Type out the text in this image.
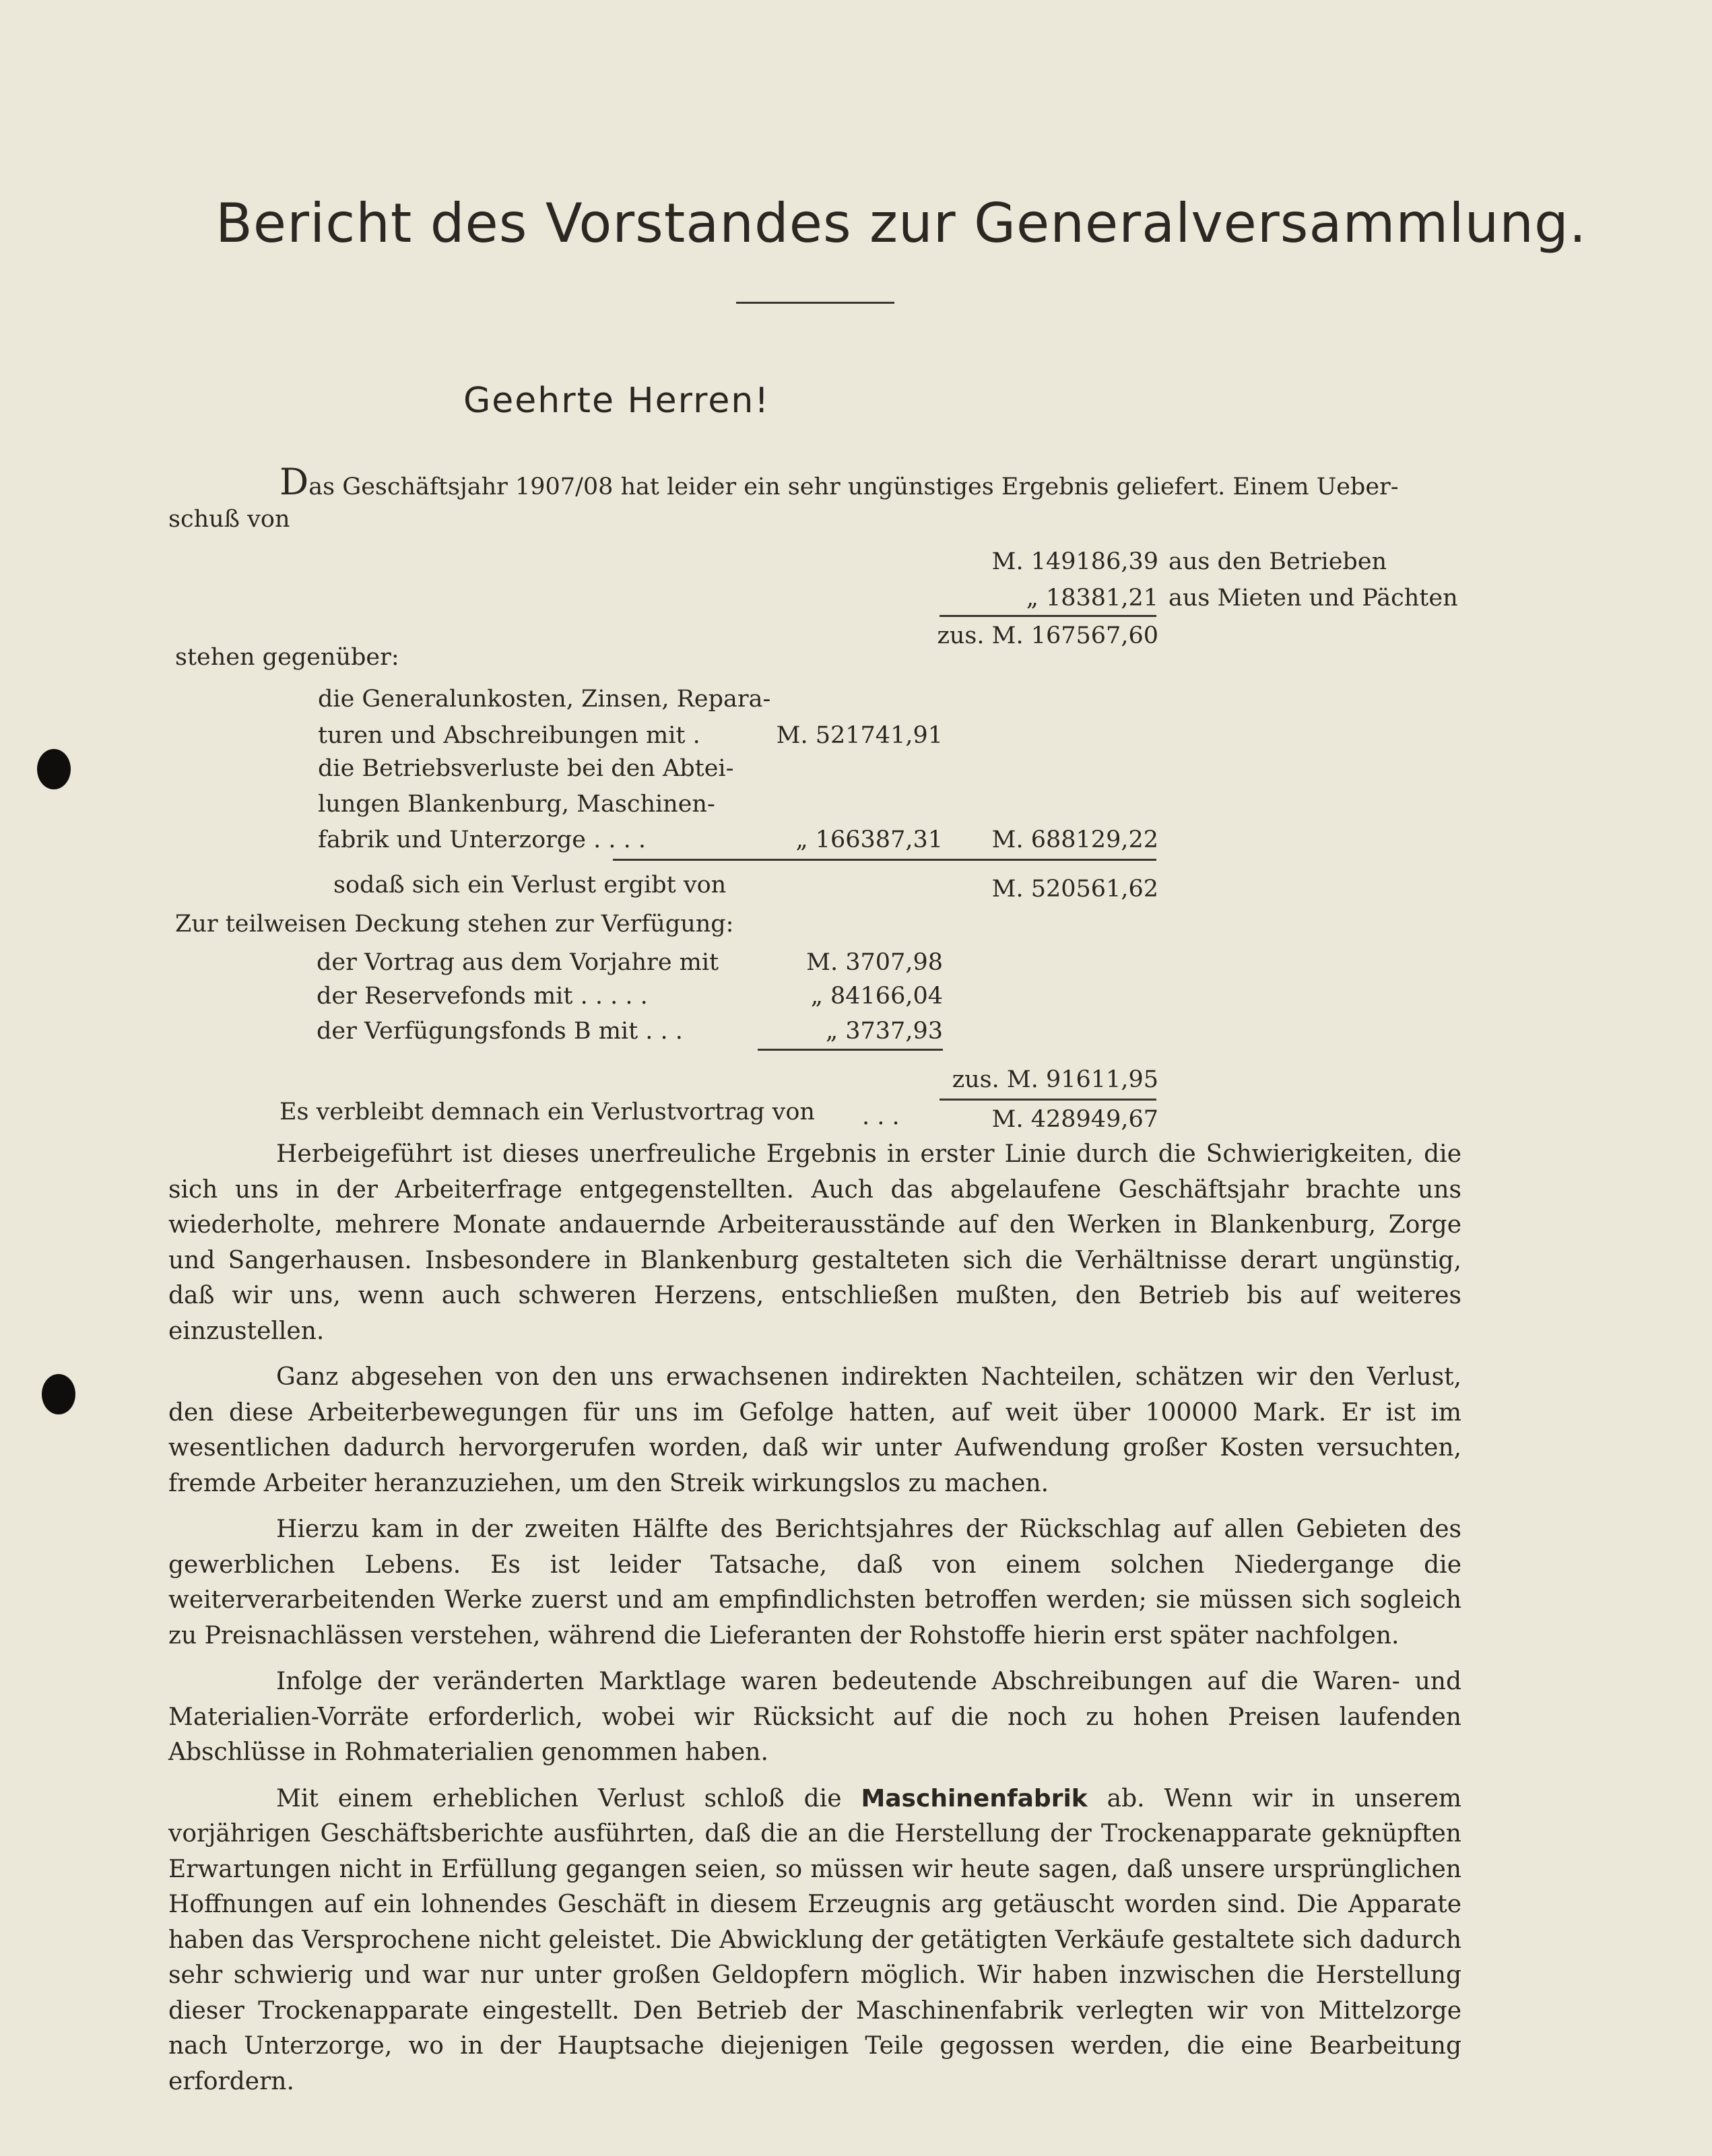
Bericht des Vorstandes zur Generalversammlung.
Geehrte Herren!
Das Geschäftsjahr 1907/08 hat leider ein sehr ungünstiges Ergebnis geliefert. Einem Ueber-
schuß von
M. 149186,39 aus den Betrieben
„ 18381,21 aus Mieten und Pächten
zus. M. 167567,60
stehen gegenüber:
die Generalunkosten, Zinsen, Repara-
turen und Abschreibungen mit .	M. 521741,91
die Betriebsverluste bei den Abtei-
lungen Blankenburg, Maschinen-
fabrik und Unterzorge . . . .	„ 166387,31	M. 688129,22
sodaß sich ein Verlust ergibt von	M. 520561,62
Zur teilweisen Deckung stehen zur Verfügung:
der Vortrag aus dem Vorjahre mit	M. 3707,98
der Reservefonds mit . . . . .	„ 84166,04
der Verfügungsfonds B mit . . .	„ 3737,93
zus. M. 91611,95
Es verbleibt demnach ein Verlustvortrag von . . .	M. 428949,67

Herbeigeführt ist dieses unerfreuliche Ergebnis in erster Linie durch die Schwierigkeiten, die sich uns in der Arbeiterfrage entgegenstellten. Auch das abgelaufene Geschäftsjahr brachte uns wiederholte, mehrere Monate andauernde Arbeiterausstände auf den Werken in Blankenburg, Zorge und Sangerhausen. Insbesondere in Blankenburg gestalteten sich die Verhältnisse derart ungünstig, daß wir uns, wenn auch schweren Herzens, entschließen mußten, den Betrieb bis auf weiteres einzustellen.

Ganz abgesehen von den uns erwachsenen indirekten Nachteilen, schätzen wir den Verlust, den diese Arbeiterbewegungen für uns im Gefolge hatten, auf weit über 100000 Mark. Er ist im wesentlichen dadurch hervorgerufen worden, daß wir unter Aufwendung großer Kosten versuchten, fremde Arbeiter heranzuziehen, um den Streik wirkungslos zu machen.

Hierzu kam in der zweiten Hälfte des Berichtsjahres der Rückschlag auf allen Gebieten des gewerblichen Lebens. Es ist leider Tatsache, daß von einem solchen Niedergange die weiterverarbeitenden Werke zuerst und am empfindlichsten betroffen werden; sie müssen sich sogleich zu Preisnachlässen verstehen, während die Lieferanten der Rohstoffe hierin erst später nachfolgen.

Infolge der veränderten Marktlage waren bedeutende Abschreibungen auf die Waren- und Materialien-Vorräte erforderlich, wobei wir Rücksicht auf die noch zu hohen Preisen laufenden Abschlüsse in Rohmaterialien genommen haben.

Mit einem erheblichen Verlust schloß die Maschinenfabrik ab. Wenn wir in unserem vorjährigen Geschäftsberichte ausführten, daß die an die Herstellung der Trockenapparate geknüpften Erwartungen nicht in Erfüllung gegangen seien, so müssen wir heute sagen, daß unsere ursprünglichen Hoffnungen auf ein lohnendes Geschäft in diesem Erzeugnis arg getäuscht worden sind. Die Apparate haben das Versprochene nicht geleistet. Die Abwicklung der getätigten Verkäufe gestaltete sich dadurch sehr schwierig und war nur unter großen Geldopfern möglich. Wir haben inzwischen die Herstellung dieser Trockenapparate eingestellt. Den Betrieb der Maschinenfabrik verlegten wir von Mittelzorge nach Unterzorge, wo in der Hauptsache diejenigen Teile gegossen werden, die eine Bearbeitung erfordern.
